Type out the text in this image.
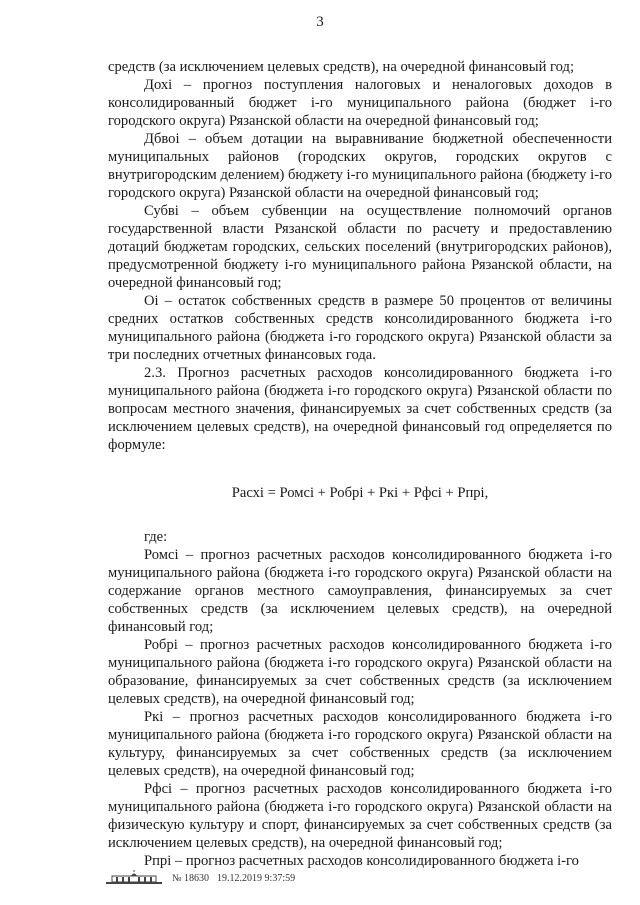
3

средств (за исключением целевых средств), на очередной финансовый год;

Дохi – прогноз поступления налоговых и неналоговых доходов в консолидированный бюджет i-го муниципального района (бюджет i-го городского округа) Рязанской области на очередной финансовый год;

Дбвоi – объем дотации на выравнивание бюджетной обеспеченности муниципальных районов (городских округов, городских округов с внутригородским делением) бюджету i-го муниципального района (бюджету i-го городского округа) Рязанской области на очередной финансовый год;

Субвi – объем субвенции на осуществление полномочий органов государственной власти Рязанской области по расчету и предоставлению дотаций бюджетам городских, сельских поселений (внутригородских районов), предусмотренной бюджету i-го муниципального района Рязанской области, на очередной финансовый год;

Оi – остаток собственных средств в размере 50 процентов от величины средних остатков собственных средств консолидированного бюджета i-го муниципального района (бюджета i-го городского округа) Рязанской области за три последних отчетных финансовых года.

2.3. Прогноз расчетных расходов консолидированного бюджета i-го муниципального района (бюджета i-го городского округа) Рязанской области по вопросам местного значения, финансируемых за счет собственных средств (за исключением целевых средств), на очередной финансовый год определяется по формуле:

Расхi = Ромсi + Робрi + Ркi + Рфсi + Рпрi,

где:

Ромсi – прогноз расчетных расходов консолидированного бюджета i-го муниципального района (бюджета i-го городского округа) Рязанской области на содержание органов местного самоуправления, финансируемых за счет собственных средств (за исключением целевых средств), на очередной финансовый год;

Робрi – прогноз расчетных расходов консолидированного бюджета i-го муниципального района (бюджета i-го городского округа) Рязанской области на образование, финансируемых за счет собственных средств (за исключением целевых средств), на очередной финансовый год;

Ркi – прогноз расчетных расходов консолидированного бюджета i-го муниципального района (бюджета i-го городского округа) Рязанской области на культуру, финансируемых за счет собственных средств (за исключением целевых средств), на очередной финансовый год;

Рфсi – прогноз расчетных расходов консолидированного бюджета i-го муниципального района (бюджета i-го городского округа) Рязанской области на физическую культуру и спорт, финансируемых за счет собственных средств (за исключением целевых средств), на очередной финансовый год;

Рпрi – прогноз расчетных расходов консолидированного бюджета i-го

№ 18630 19.12.2019 9:37:59
